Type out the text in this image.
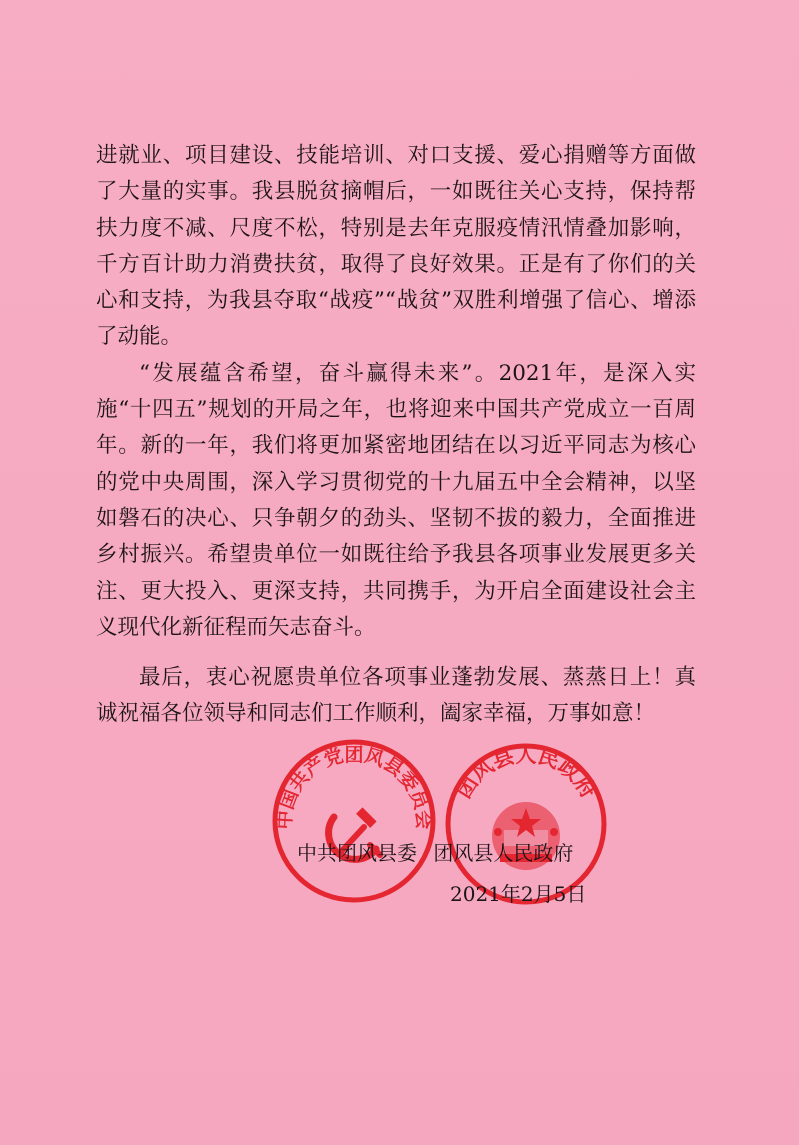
进就业、项目建设、技能培训、对口支援、爱心捐赠等方面做了大量的实事。我县脱贫摘帽后，一如既往关心支持，保持帮扶力度不减、尺度不松，特别是去年克服疫情汛情叠加影响，千方百计助力消费扶贫，取得了良好效果。正是有了你们的关心和支持，为我县夺取“战疫”“战贫”双胜利增强了信心、增添了动能。

“发展蕴含希望，奋斗赢得未来”。2021年，是深入实施“十四五”规划的开局之年，也将迎来中国共产党成立一百周年。新的一年，我们将更加紧密地团结在以习近平同志为核心的党中央周围，深入学习贯彻党的十九届五中全会精神，以坚如磐石的决心、只争朝夕的劲头、坚韧不拔的毅力，全面推进乡村振兴。希望贵单位一如既往给予我县各项事业发展更多关注、更大投入、更深支持，共同携手，为开启全面建设社会主义现代化新征程而矢志奋斗。

最后，衷心祝愿贵单位各项事业蓬勃发展、蒸蒸日上！真诚祝福各位领导和同志们工作顺利，阖家幸福，万事如意！

中国共产党团风县委员会
团风县人民政府
中共团风县委 团风县人民政府
2021年2月5日
